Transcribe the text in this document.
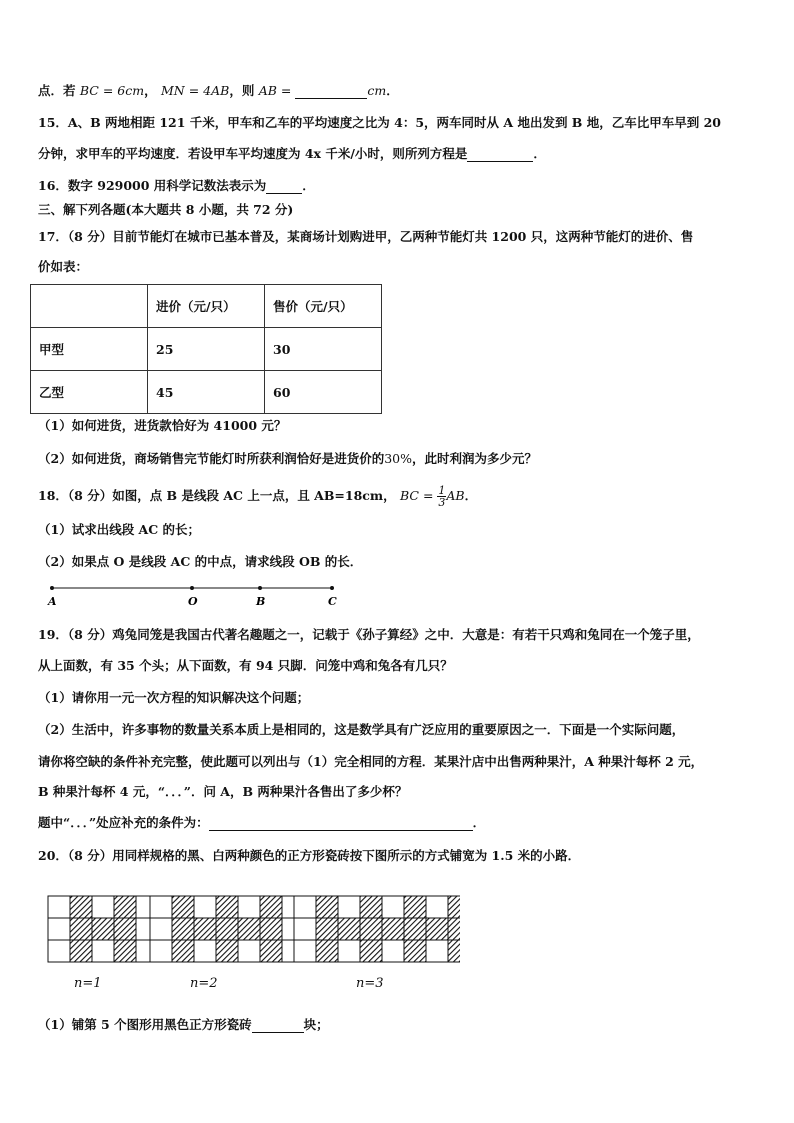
点．若 BC = 6cm， MN = 4AB，则 AB =	cm．
15．A、B 两地相距 121 千米，甲车和乙车的平均速度之比为 4：5，两车同时从 A 地出发到 B 地，乙车比甲车早到 20
分钟，求甲车的平均速度．若设甲车平均速度为 4x 千米/小时，则所列方程是	．
16．数字 929000 用科学记数法表示为	．
三、解下列各题(本大题共 8 小题，共 72 分)
17．（8 分）目前节能灯在城市已基本普及，某商场计划购进甲，乙两种节能灯共 1200 只，这两种节能灯的进价、售
价如表：
	进价（元/只）	售价（元/只）
甲型	25	30
乙型	45	60
（1）如何进货，进货款恰好为 41000 元？
（2）如何进货，商场销售完节能灯时所获利润恰好是进货价的30%，此时利润为多少元？
18．（8 分）如图，点 B 是线段 AC 上一点，且 AB=18cm， BC = $\frac{1}{3}$ AB．
（1）试求出线段 AC 的长；
（2）如果点 O 是线段 AC 的中点，请求线段 OB 的长．
A	O	B	C
19．（8 分）鸡兔同笼是我国古代著名趣题之一，记载于《孙子算经》之中．大意是：有若干只鸡和兔同在一个笼子里，
从上面数，有 35 个头；从下面数，有 94 只脚．问笼中鸡和兔各有几只？
（1）请你用一元一次方程的知识解决这个问题；
（2）生活中，许多事物的数量关系本质上是相同的，这是数学具有广泛应用的重要原因之一．下面是一个实际问题，
请你将空缺的条件补充完整，使此题可以列出与（1）完全相同的方程．某果汁店中出售两种果汁，A 种果汁每杯 2 元，
B 种果汁每杯 4 元，“．．．”．问 A，B 两种果汁各售出了多少杯？
题中“．．．”处应补充的条件为：	．
20．（8 分）用同样规格的黑、白两种颜色的正方形瓷砖按下图所示的方式铺宽为 1.5 米的小路．
n=1	n=2	n=3
（1）铺第 5 个图形用黑色正方形瓷砖	块；
